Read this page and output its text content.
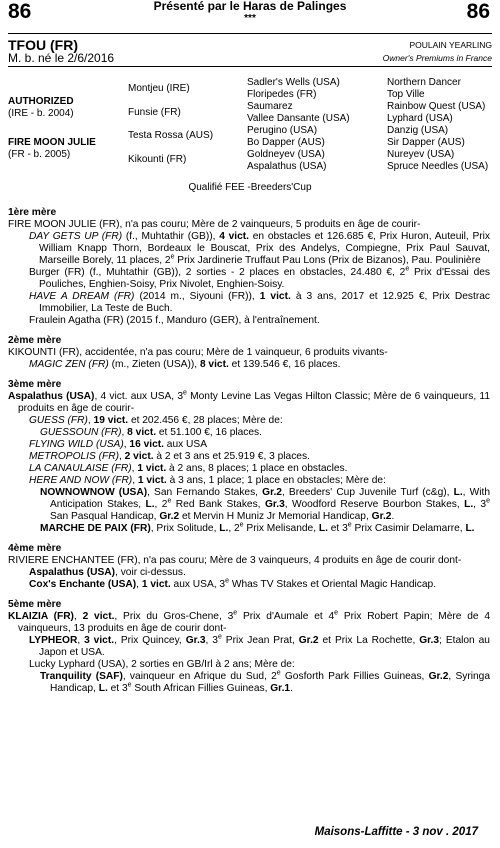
86	Présenté par le Haras de Palinges
***	86
TFOU (FR)
M. b. né le 2/6/2016
POULAIN YEARLING
Owner's Premiums in France
AUTHORIZED
(IRE - b. 2004)
FIRE MOON JULIE
(FR - b. 2005)
Montjeu (IRE)
Funsie (FR)
Testa Rossa (AUS)
Kikounti (FR)
Sadler's Wells (USA)
Floripedes (FR)
Saumarez
Vallee Dansante (USA)
Perugino (USA)
Bo Dapper (AUS)
Goldneyev (USA)
Aspalathus (USA)
Northern Dancer
Top Ville
Rainbow Quest (USA)
Lyphard (USA)
Danzig (USA)
Sir Dapper (AUS)
Nureyev (USA)
Spruce Needles (USA)
Qualifié FEE -Breeders'Cup
1ère mère
FIRE MOON JULIE (FR), n'a pas couru; Mère de 2 vainqueurs, 5 produits en âge de courir-
DAY GETS UP (FR) (f., Muhtathir (GB)), 4 vict. en obstacles et 126.685 €, Prix Huron, Auteuil, Prix William Knapp Thorn, Bordeaux le Bouscat, Prix des Andelys, Compiegne, Prix Paul Sauvat, Marseille Borely, 11 places, 2e Prix Jardinerie Truffaut Pau Lons (Prix de Bizanos), Pau. Poulinière
Burger (FR) (f., Muhtathir (GB)), 2 sorties - 2 places en obstacles, 24.480 €, 2e Prix d'Essai des Pouliches, Enghien-Soisy, Prix Nivolet, Enghien-Soisy.
HAVE A DREAM (FR) (2014 m., Siyouni (FR)), 1 vict. à 3 ans, 2017 et 12.925 €, Prix Destrac Immobilier, La Teste de Buch.
Fraulein Agatha (FR) (2015 f., Manduro (GER), à l'entraînement.
2ème mère
KIKOUNTI (FR), accidentée, n'a pas couru; Mère de 1 vainqueur, 6 produits vivants-
MAGIC ZEN (FR) (m., Zieten (USA)), 8 vict. et 139.546 €, 16 places.
3ème mère
Aspalathus (USA), 4 vict. aux USA, 3e Monty Levine Las Vegas Hilton Classic; Mère de 6 vainqueurs, 11 produits en âge de courir-
GUESS (FR), 19 vict. et 202.456 €, 28 places; Mère de:
GUESSOUN (FR), 8 vict. et 51.100 €, 16 places.
FLYING WILD (USA), 16 vict. aux USA
METROPOLIS (FR), 2 vict. à 2 et 3 ans et 25.919 €, 3 places.
LA CANAULAISE (FR), 1 vict. à 2 ans, 8 places; 1 place en obstacles.
HERE AND NOW (FR), 1 vict. à 3 ans, 1 place; 1 place en obstacles; Mère de:
NOWNOWNOW (USA), San Fernando Stakes, Gr.2, Breeders' Cup Juvenile Turf (c&g), L., With Anticipation Stakes, L., 2e Red Bank Stakes, Gr.3, Woodford Reserve Bourbon Stakes, L., 3e San Pasqual Handicap, Gr.2 et Mervin H Muniz Jr Memorial Handicap, Gr.2.
MARCHE DE PAIX (FR), Prix Solitude, L., 2e Prix Melisande, L. et 3e Prix Casimir Delamarre, L.
4ème mère
RIVIERE ENCHANTEE (FR), n'a pas couru; Mère de 3 vainqueurs, 4 produits en âge de courir dont-
Aspalathus (USA), voir ci-dessus.
Cox's Enchante (USA), 1 vict. aux USA, 3e Whas TV Stakes et Oriental Magic Handicap.
5ème mère
KLAIZIA (FR), 2 vict., Prix du Gros-Chene, 3e Prix d'Aumale et 4e Prix Robert Papin; Mère de 4 vainqueurs, 13 produits en âge de courir dont-
LYPHEOR, 3 vict., Prix Quincey, Gr.3, 3e Prix Jean Prat, Gr.2 et Prix La Rochette, Gr.3; Etalon au Japon et USA.
Lucky Lyphard (USA), 2 sorties en GB/Irl à 2 ans; Mère de:
Tranquility (SAF), vainqueur en Afrique du Sud, 2e Gosforth Park Fillies Guineas, Gr.2, Syringa Handicap, L. et 3e South African Fillies Guineas, Gr.1.
Maisons-Laffitte - 3 nov . 2017
